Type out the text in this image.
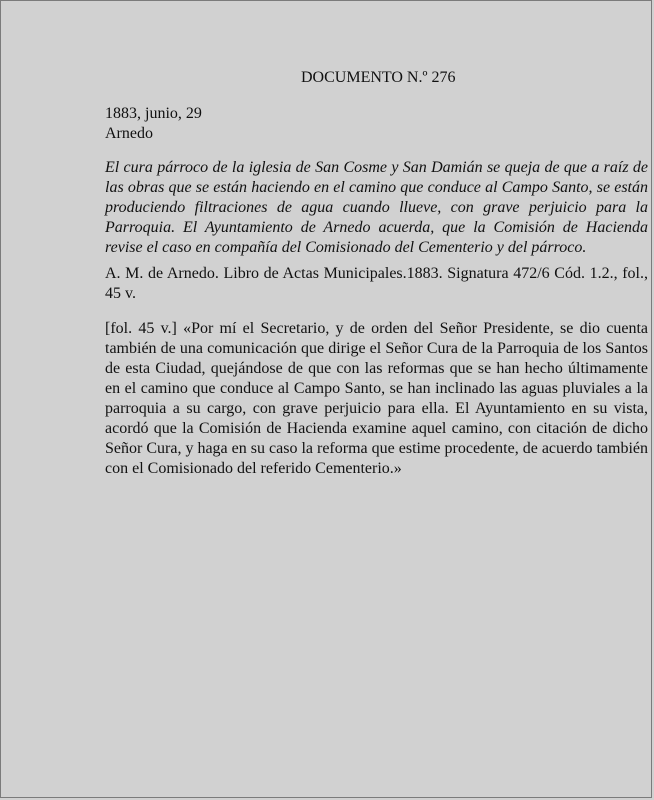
DOCUMENTO N.º 276
1883, junio, 29
Arnedo

El cura párroco de la iglesia de San Cosme y San Damián se queja de que a raíz de las obras que se están haciendo en el camino que conduce al Campo Santo, se están produciendo filtraciones de agua cuando llueve, con grave perjuicio para la Parroquia. El Ayuntamiento de Arnedo acuerda, que la Comisión de Hacienda revise el caso en compañía del Comisionado del Cementerio y del párroco.

A. M. de Arnedo. Libro de Actas Municipales.1883. Signatura 472/6 Cód. 1.2., fol., 45 v.

[fol. 45 v.] «Por mí el Secretario, y de orden del Señor Presidente, se dio cuenta también de una comunicación que dirige el Señor Cura de la Parroquia de los Santos de esta Ciudad, quejándose de que con las reformas que se han hecho últimamente en el camino que conduce al Campo Santo, se han inclinado las aguas pluviales a la parroquia a su cargo, con grave perjuicio para ella. El Ayuntamiento en su vista, acordó que la Comisión de Hacienda examine aquel camino, con citación de dicho Señor Cura, y haga en su caso la reforma que estime procedente, de acuerdo también con el Comisionado del referido Cementerio.»
